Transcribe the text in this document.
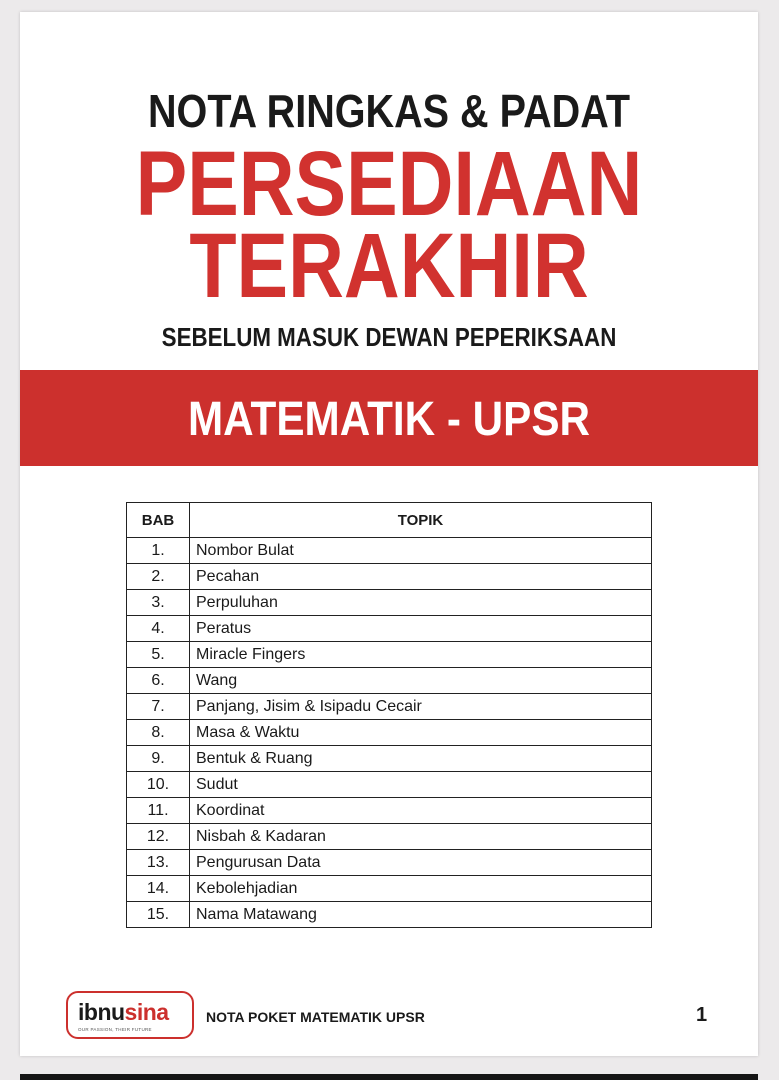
NOTA RINGKAS & PADAT
PERSEDIAAN
TERAKHIR
SEBELUM MASUK DEWAN PEPERIKSAAN
MATEMATIK - UPSR
BAB	TOPIK
1.	Nombor Bulat
2.	Pecahan
3.	Perpuluhan
4.	Peratus
5.	Miracle Fingers
6.	Wang
7.	Panjang, Jisim & Isipadu Cecair
8.	Masa & Waktu
9.	Bentuk & Ruang
10.	Sudut
11.	Koordinat
12.	Nisbah & Kadaran
13.	Pengurusan Data
14.	Kebolehjadian
15.	Nama Matawang
ibnusina
OUR PASSION, THEIR FUTURE
NOTA POKET MATEMATIK UPSR	1
